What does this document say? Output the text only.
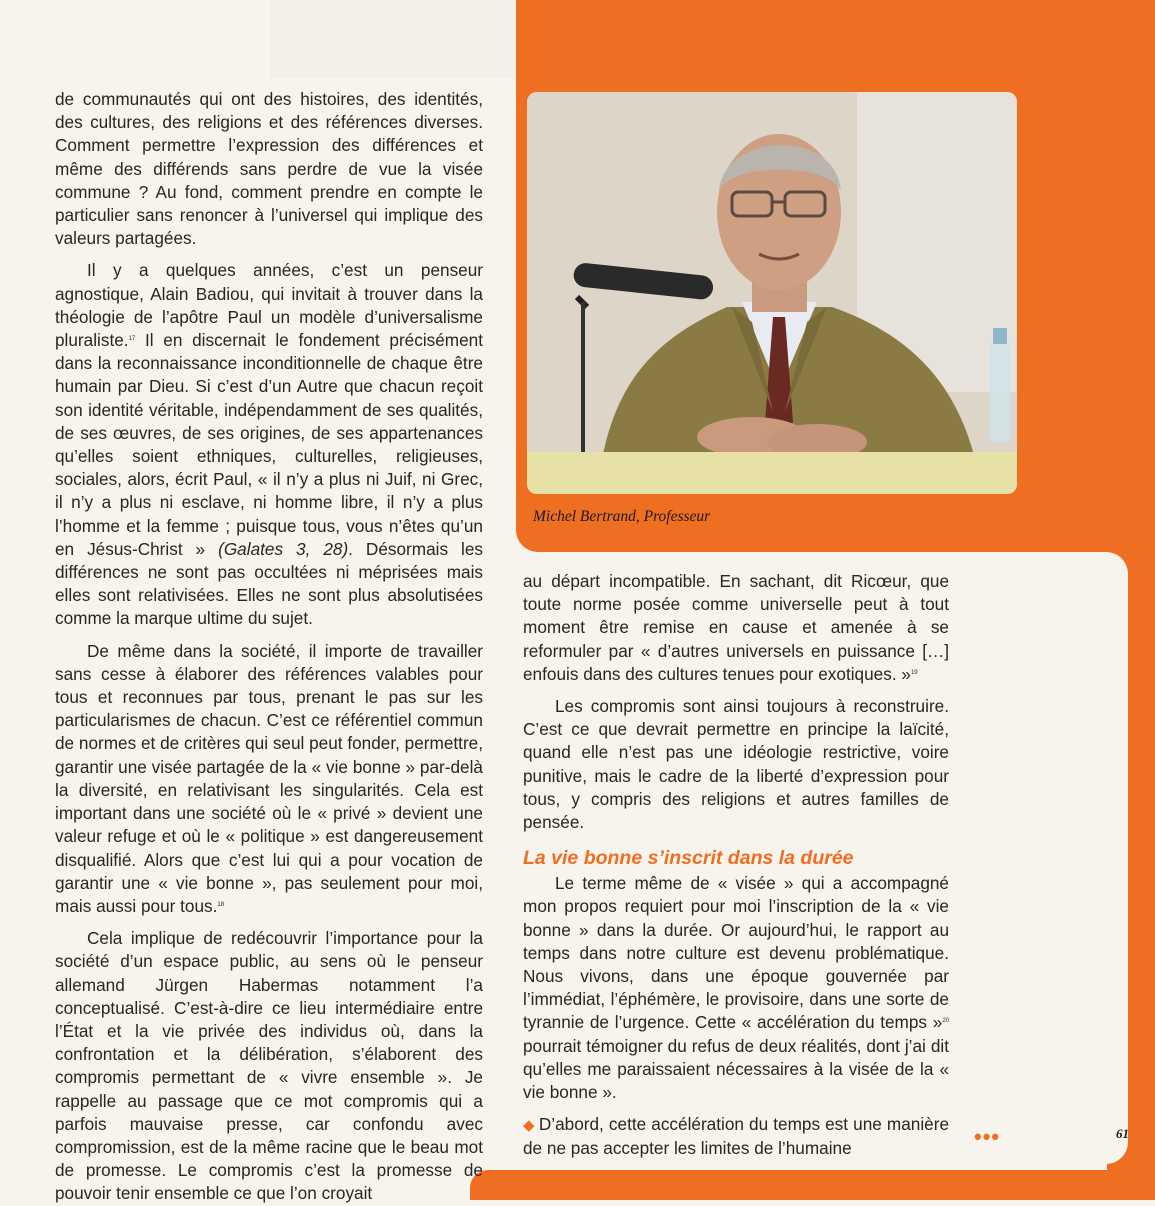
Michel Bertrand, Professeur

de communautés qui ont des histoires, des identités, des cultures, des religions et des références diverses. Comment permettre l’expression des différences et même des différends sans perdre de vue la visée commune ? Au fond, comment prendre en compte le particulier sans renoncer à l’universel qui implique des valeurs partagées.

Il y a quelques années, c’est un penseur agnostique, Alain Badiou, qui invitait à trouver dans la théologie de l’apôtre Paul un modèle d’universalisme pluraliste.$^{17}$ Il en discernait le fondement précisément dans la reconnaissance inconditionnelle de chaque être humain par Dieu. Si c’est d’un Autre que chacun reçoit son identité véritable, indépendamment de ses qualités, de ses œuvres, de ses origines, de ses appartenances qu’elles soient ethniques, culturelles, religieuses, sociales, alors, écrit Paul, « il n’y a plus ni Juif, ni Grec, il n’y a plus ni esclave, ni homme libre, il n’y a plus l’homme et la femme ; puisque tous, vous n’êtes qu’un en Jésus-Christ » (Galates 3, 28). Désormais les différences ne sont pas occultées ni méprisées mais elles sont relativisées. Elles ne sont plus absolutisées comme la marque ultime du sujet.

De même dans la société, il importe de travailler sans cesse à élaborer des références valables pour tous et reconnues par tous, prenant le pas sur les particularismes de chacun. C’est ce référentiel commun de normes et de critères qui seul peut fonder, permettre, garantir une visée partagée de la « vie bonne » par-delà la diversité, en relativisant les singularités. Cela est important dans une société où le « privé » devient une valeur refuge et où le « politique » est dangereusement disqualifié. Alors que c’est lui qui a pour vocation de garantir une « vie bonne », pas seulement pour moi, mais aussi pour tous.$^{18}$

Cela implique de redécouvrir l’importance pour la société d’un espace public, au sens où le penseur allemand Jürgen Habermas notamment l’a conceptualisé. C’est-à-dire ce lieu intermédiaire entre l’État et la vie privée des individus où, dans la confrontation et la délibération, s’élaborent des compromis permettant de « vivre ensemble ». Je rappelle au passage que ce mot compromis qui a parfois mauvaise presse, car confondu avec compromission, est de la même racine que le beau mot de promesse. Le compromis c’est la promesse de pouvoir tenir ensemble ce que l’on croyait

au départ incompatible. En sachant, dit Ricœur, que toute norme posée comme universelle peut à tout moment être remise en cause et amenée à se reformuler par « d’autres universels en puissance […] enfouis dans des cultures tenues pour exotiques. »$^{19}$

Les compromis sont ainsi toujours à reconstruire. C’est ce que devrait permettre en principe la laïcité, quand elle n’est pas une idéologie restrictive, voire punitive, mais le cadre de la liberté d’expression pour tous, y compris des religions et autres familles de pensée.

La vie bonne s’inscrit dans la durée

Le terme même de « visée » qui a accompagné mon propos requiert pour moi l’inscription de la « vie bonne » dans la durée. Or aujourd’hui, le rapport au temps dans notre culture est devenu problématique. Nous vivons, dans une époque gouvernée par l’immédiat, l’éphémère, le provisoire, dans une sorte de tyrannie de l’urgence. Cette « accélération du temps »$^{20}$ pourrait témoigner du refus de deux réalités, dont j’ai dit qu’elles me paraissaient nécessaires à la visée de la « vie bonne ».

◆ D’abord, cette accélération du temps est une manière de ne pas accepter les limites de l’humaine	•••	61
